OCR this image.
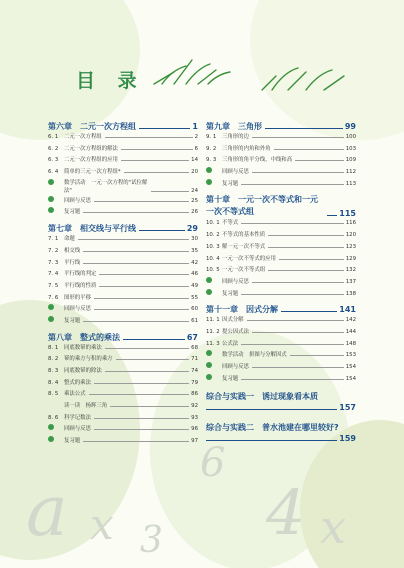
a x
6
4 x
3
目 录
第六章　二元一次方程组	1
6. 1	二元一次方程组	2
6. 2	二元一次方程组的解法	6
6. 3	二元一次方程组的应用	14
6. 4	简单的三元一次方程组*	20
数学活动　一元一次方程的"试位解法"	24
回顾与反思	25
复习题	26
第七章　相交线与平行线	29
7. 1	命题	30
7. 2	相交线	35
7. 3	平行线	42
7. 4	平行线的判定	46
7. 5	平行线的性质	49
7. 6	图形的平移	55
回顾与反思	60
复习题	61
第八章　整式的乘法	67
8. 1	同底数幂的乘法	68
8. 2	幂的乘方与积的乘方	71
8. 3	同底数幂的除法	74
8. 4	整式的乘法	79
8. 5	乘法公式	86
读一读　杨辉三角	92
8. 6	科学记数法	93
回顾与反思	96
复习题	97
第九章　三角形	99
9. 1	三角形的边	100
9. 2	三角形的内角和外角	103
9. 3	三角形的角平分线、中线和高	109
回顾与反思	112
复习题	113
第十章　一元一次不等式和一元一次不等式组	115
10. 1 不等式	116
10. 2 不等式的基本性质	120
10. 3 解一元一次不等式	123
10. 4 一元一次不等式的应用	129
10. 5 一元一次不等式组	132
回顾与反思	137
复习题	138
第十一章　因式分解	141
11. 1 因式分解	142
11. 2 提公因式法	144
11. 3 公式法	148
数学活动　拼图与分解因式	153
回顾与反思	154
复习题	154
综合与实践一　诱过现象看本质
157
综合与实践二　普水池建在哪里较好?
159
